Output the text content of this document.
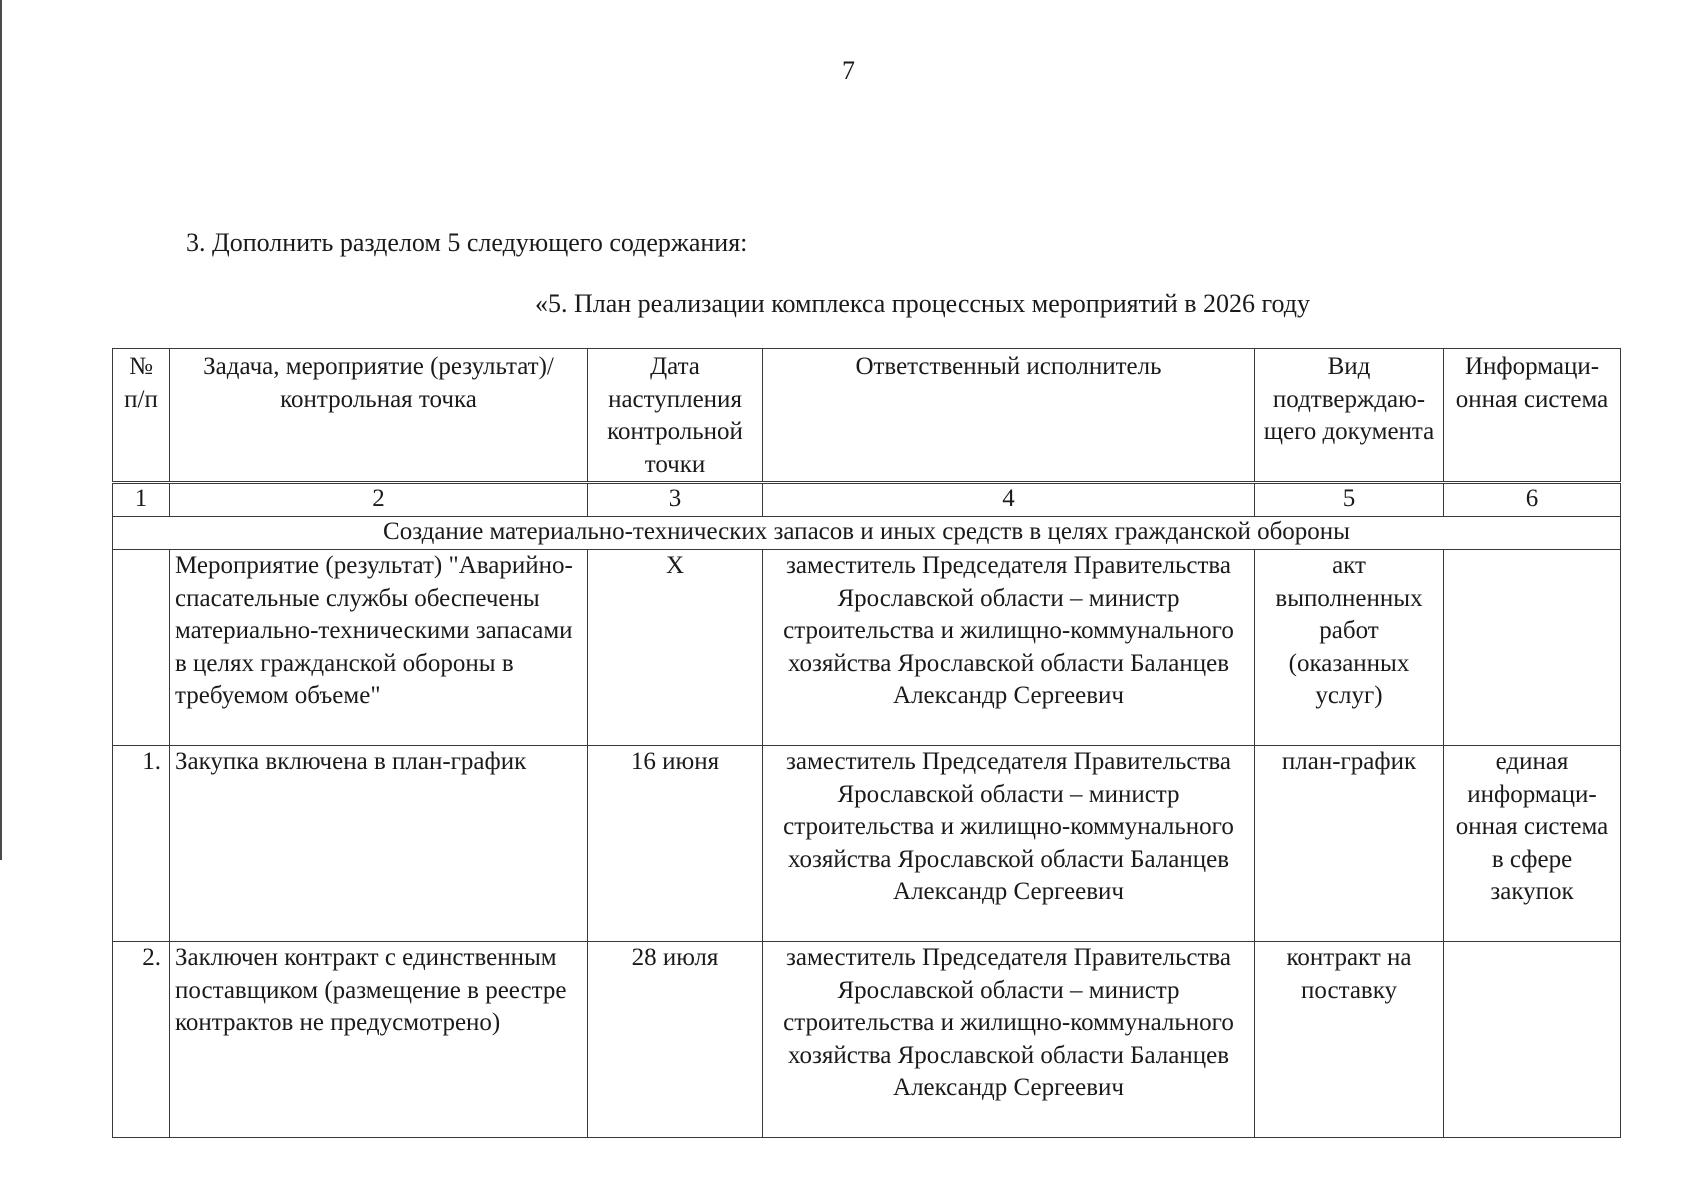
7
3. Дополнить разделом 5 следующего содержания:
«5. План реализации комплекса процессных мероприятий в 2026 году
№ п/п	Задача, мероприятие (результат)/ контрольная точка	Дата наступления контрольной точки	Ответственный исполнитель	Вид подтверждаю-щего документа	Информаци-онная система
1	2	3	4	5	6
Создание материально-технических запасов и иных средств в целях гражданской обороны					
	Мероприятие (результат) "Аварийно-спасательные службы обеспечены материально-техническими запасами в целях гражданской обороны в требуемом объеме"	X	заместитель Председателя Правительства Ярославской области – министр строительства и жилищно-коммунального хозяйства Ярославской области Баланцев Александр Сергеевич	акт выполненных работ (оказанных услуг)	
1.	Закупка включена в план-график	16 июня	заместитель Председателя Правительства Ярославской области – министр строительства и жилищно-коммунального хозяйства Ярославской области Баланцев Александр Сергеевич	план-график	единая информаци-онная система в сфере закупок
2.	Заключен контракт с единственным поставщиком (размещение в реестре контрактов не предусмотрено)	28 июля	заместитель Председателя Правительства Ярославской области – министр строительства и жилищно-коммунального хозяйства Ярославской области Баланцев Александр Сергеевич	контракт на поставку	
